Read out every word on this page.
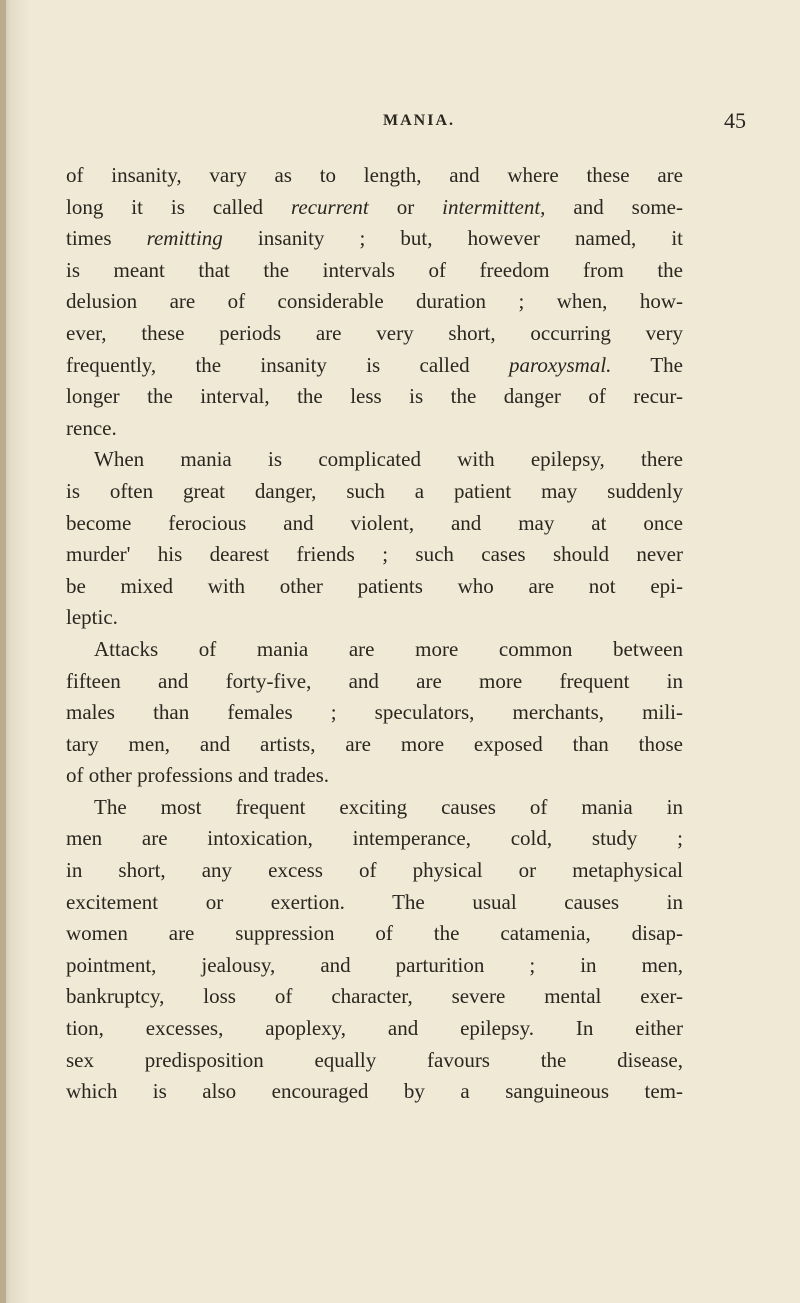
MANIA.	45
of insanity, vary as to length, and where these are
long it is called recurrent or intermittent, and some-
times remitting insanity ; but, however named, it
is meant that the intervals of freedom from the
delusion are of considerable duration ; when, how-
ever, these periods are very short, occurring very
frequently, the insanity is called paroxysmal. The
longer the interval, the less is the danger of recur-
rence.
When mania is complicated with epilepsy, there
is often great danger, such a patient may suddenly
become ferocious and violent, and may at once
murder' his dearest friends ; such cases should never
be mixed with other patients who are not epi-
leptic.
Attacks of mania are more common between
fifteen and forty-five, and are more frequent in
males than females ; speculators, merchants, mili-
tary men, and artists, are more exposed than those
of other professions and trades.
The most frequent exciting causes of mania in
men are intoxication, intemperance, cold, study ;
in short, any excess of physical or metaphysical
excitement or exertion. The usual causes in
women are suppression of the catamenia, disap-
pointment, jealousy, and parturition ; in men,
bankruptcy, loss of character, severe mental exer-
tion, excesses, apoplexy, and epilepsy. In either
sex predisposition equally favours the disease,
which is also encouraged by a sanguineous tem-
